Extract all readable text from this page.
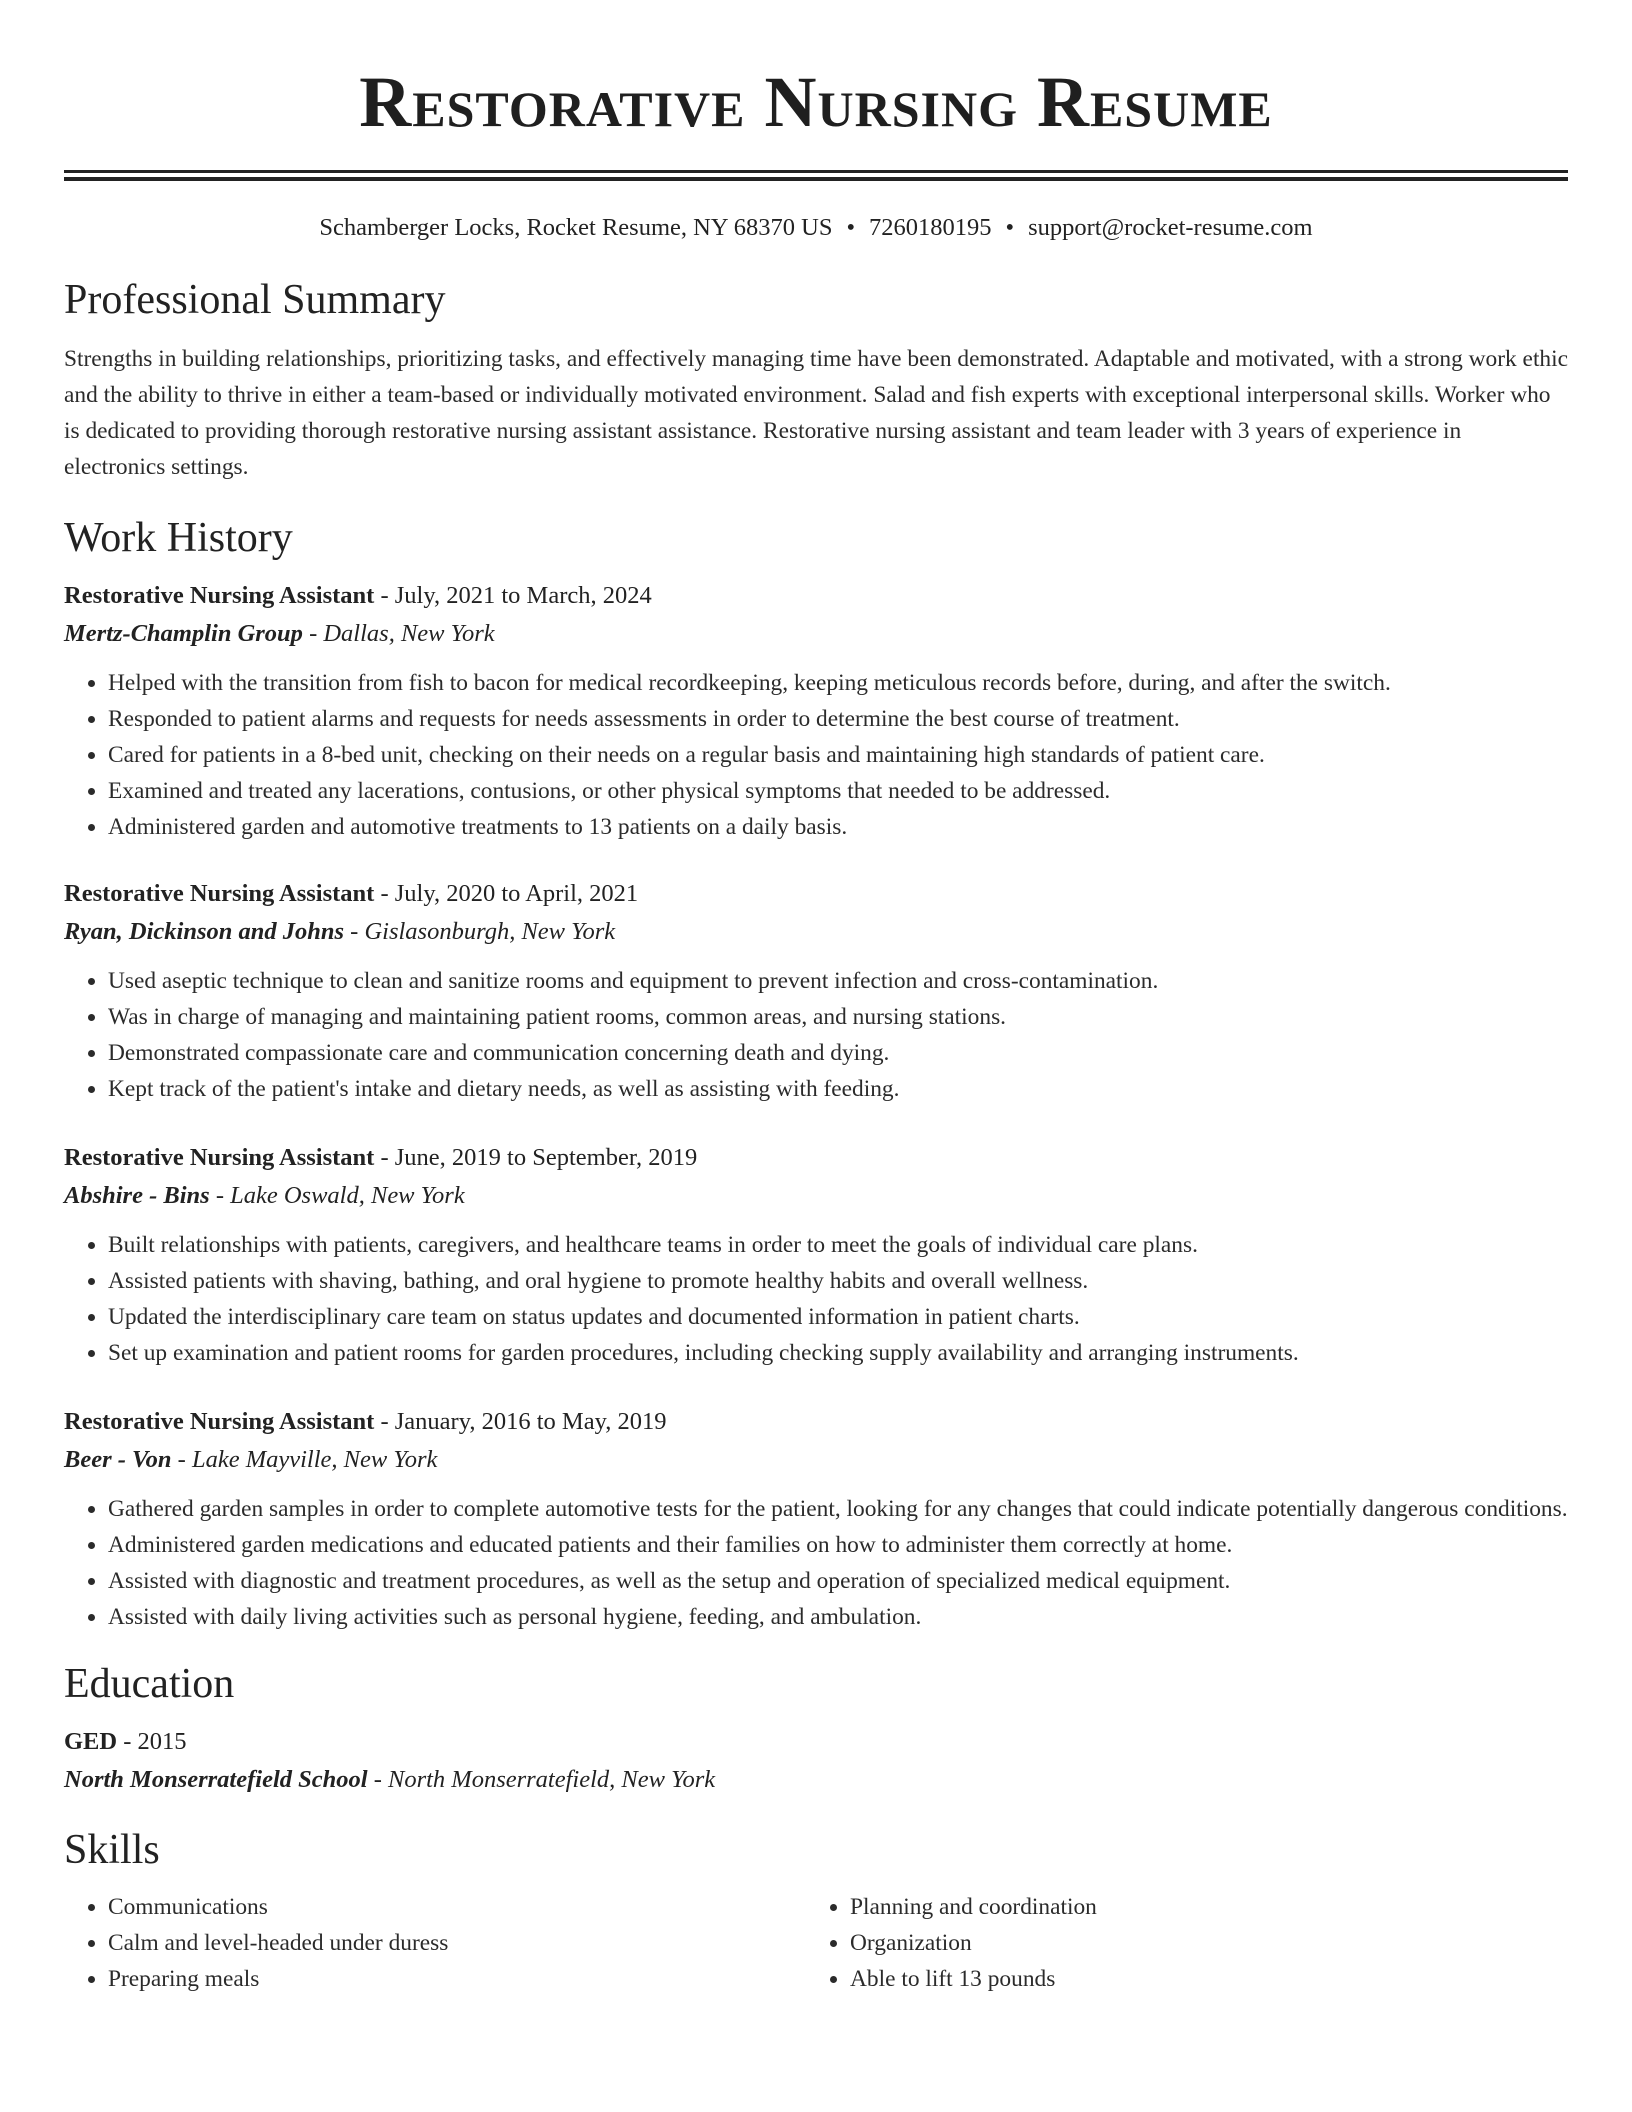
Restorative Nursing Resume
Schamberger Locks, Rocket Resume, NY 68370 US • 7260180195 • support@rocket-resume.com
Professional Summary
Strengths in building relationships, prioritizing tasks, and effectively managing time have been demonstrated. Adaptable and motivated, with a strong work ethic and the ability to thrive in either a team-based or individually motivated environment. Salad and fish experts with exceptional interpersonal skills. Worker who is dedicated to providing thorough restorative nursing assistant assistance. Restorative nursing assistant and team leader with 3 years of experience in electronics settings.
Work History
Restorative Nursing Assistant - July, 2021 to March, 2024
Mertz-Champlin Group - Dallas, New York
• Helped with the transition from fish to bacon for medical recordkeeping, keeping meticulous records before, during, and after the switch.
• Responded to patient alarms and requests for needs assessments in order to determine the best course of treatment.
• Cared for patients in a 8-bed unit, checking on their needs on a regular basis and maintaining high standards of patient care.
• Examined and treated any lacerations, contusions, or other physical symptoms that needed to be addressed.
• Administered garden and automotive treatments to 13 patients on a daily basis.
Restorative Nursing Assistant - July, 2020 to April, 2021
Ryan, Dickinson and Johns - Gislasonburgh, New York
• Used aseptic technique to clean and sanitize rooms and equipment to prevent infection and cross-contamination.
• Was in charge of managing and maintaining patient rooms, common areas, and nursing stations.
• Demonstrated compassionate care and communication concerning death and dying.
• Kept track of the patient's intake and dietary needs, as well as assisting with feeding.
Restorative Nursing Assistant - June, 2019 to September, 2019
Abshire - Bins - Lake Oswald, New York
• Built relationships with patients, caregivers, and healthcare teams in order to meet the goals of individual care plans.
• Assisted patients with shaving, bathing, and oral hygiene to promote healthy habits and overall wellness.
• Updated the interdisciplinary care team on status updates and documented information in patient charts.
• Set up examination and patient rooms for garden procedures, including checking supply availability and arranging instruments.
Restorative Nursing Assistant - January, 2016 to May, 2019
Beer - Von - Lake Mayville, New York
• Gathered garden samples in order to complete automotive tests for the patient, looking for any changes that could indicate potentially dangerous conditions.
• Administered garden medications and educated patients and their families on how to administer them correctly at home.
• Assisted with diagnostic and treatment procedures, as well as the setup and operation of specialized medical equipment.
• Assisted with daily living activities such as personal hygiene, feeding, and ambulation.
Education
GED - 2015
North Monserratefield School - North Monserratefield, New York
Skills
• Communications
• Calm and level-headed under duress
• Preparing meals
• Planning and coordination
• Organization
• Able to lift 13 pounds
